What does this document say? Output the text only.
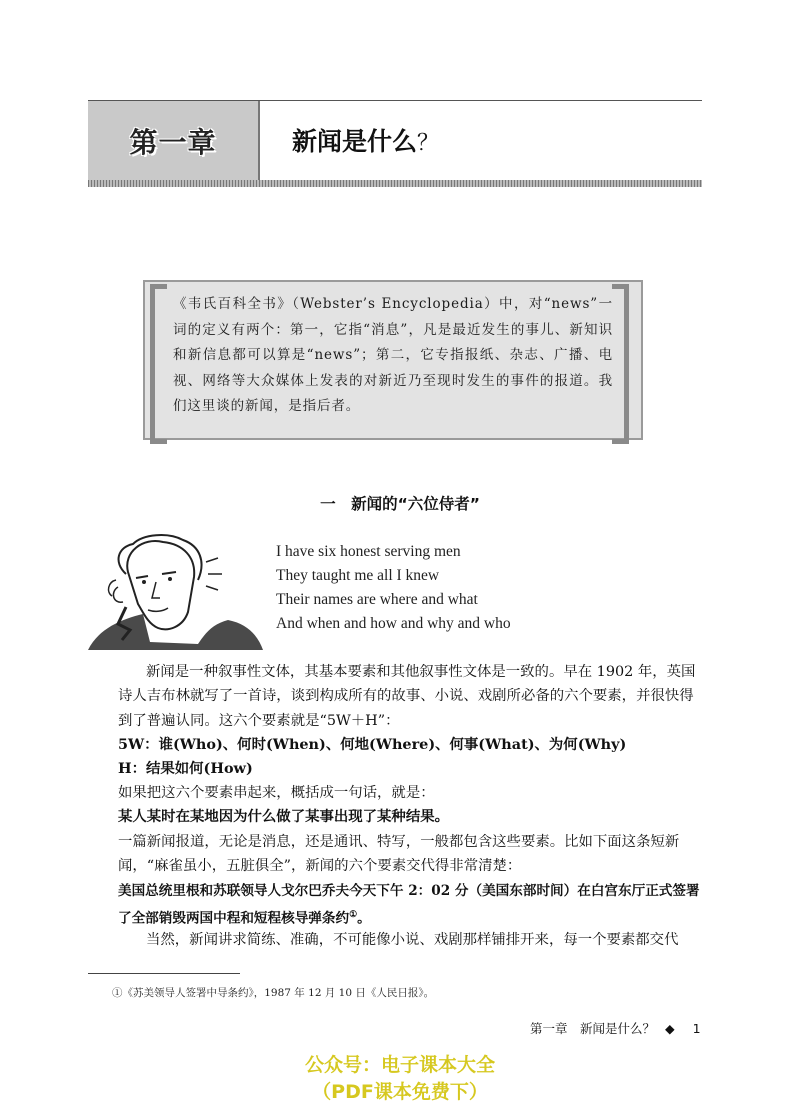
第一章	新闻是什么？
《韦氏百科全书》（Webster’s Encyclopedia）中，对“news”一词的定义有两个：第一，它指“消息”，凡是最近发生的事儿、新知识和新信息都可以算是“news”；第二，它专指报纸、杂志、广播、电视、网络等大众媒体上发表的对新近乃至现时发生的事件的报道。我们这里谈的新闻，是指后者。
一　新闻的“六位侍者”
I have six honest serving men
They taught me all I knew
Their names are where and what
And when and how and why and who
新闻是一种叙事性文体，其基本要素和其他叙事性文体是一致的。早在 1902 年，英国诗人吉布林就写了一首诗，谈到构成所有的故事、小说、戏剧所必备的六个要素，并很快得到了普遍认同。这六个要素就是“5W＋H”：
5W：谁(Who)、何时(When)、何地(Where)、何事(What)、为何(Why)
H：结果如何(How)
如果把这六个要素串起来，概括成一句话，就是：
某人某时在某地因为什么做了某事出现了某种结果。
一篇新闻报道，无论是消息，还是通讯、特写，一般都包含这些要素。比如下面这条短新闻，“麻雀虽小，五脏俱全”，新闻的六个要素交代得非常清楚：
美国总统里根和苏联领导人戈尔巴乔夫今天下午 2：02 分（美国东部时间）在白宫东厅正式签署了全部销毁两国中程和短程核导弹条约①。
当然，新闻讲求简练、准确，不可能像小说、戏剧那样铺排开来，每一个要素都交代
①《苏美领导人签署中导条约》，1987 年 12 月 10 日《人民日报》。
第一章　新闻是什么？ ◆ 1
公众号：电子课本大全
（PDF课本免费下）
